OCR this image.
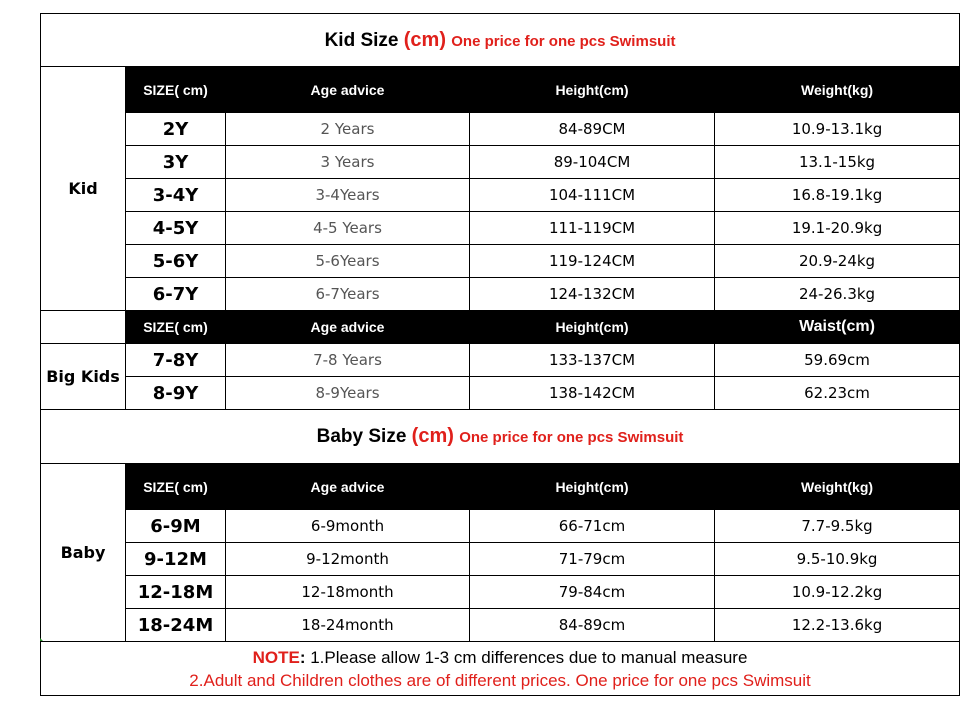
Kid Size (cm) One price for one pcs Swimsuit				
Kid	SIZE( cm)	Age advice	Height(cm)	Weight(kg)
	2Y	2 Years	84-89CM	10.9-13.1kg
	3Y	3 Years	89-104CM	13.1-15kg
	3-4Y	3-4Years	104-111CM	16.8-19.1kg
	4-5Y	4-5 Years	111-119CM	19.1-20.9kg
	5-6Y	5-6Years	119-124CM	20.9-24kg
	6-7Y	6-7Years	124-132CM	24-26.3kg
	SIZE( cm)	Age advice	Height(cm)	Waist(cm)
Big Kids	7-8Y	7-8 Years	133-137CM	59.69cm
	8-9Y	8-9Years	138-142CM	62.23cm
Baby Size (cm) One price for one pcs Swimsuit				
Baby	SIZE( cm)	Age advice	Height(cm)	Weight(kg)
	6-9M	6-9month	66-71cm	7.7-9.5kg
	9-12M	9-12month	71-79cm	9.5-10.9kg
	12-18M	12-18month	79-84cm	10.9-12.2kg
	18-24M	18-24month	84-89cm	12.2-13.6kg

NOTE: 1.Please allow 1-3 cm differences due to manual measure
2.Adult and Children clothes are of different prices. One price for one pcs Swimsuit				
